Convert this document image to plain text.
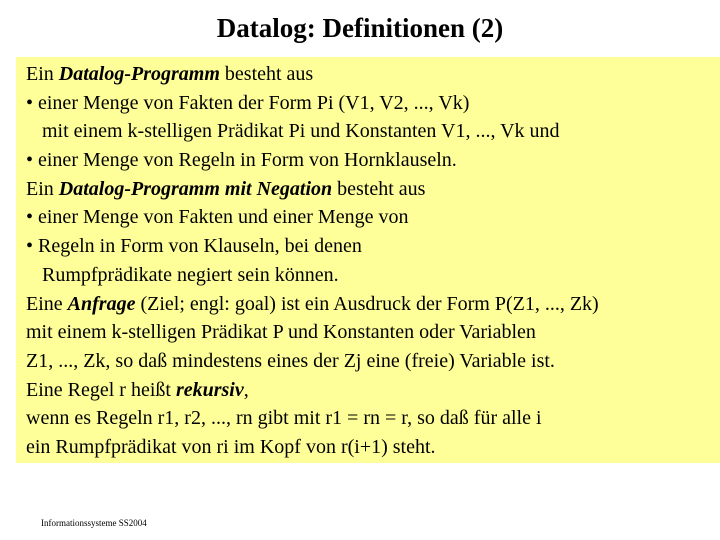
Datalog: Definitionen (2)
Ein Datalog-Programm besteht aus
• einer Menge von Fakten der Form Pi (V1, V2, ..., Vk)
mit einem k-stelligen Prädikat Pi und Konstanten V1, ..., Vk und
• einer Menge von Regeln in Form von Hornklauseln.
Ein Datalog-Programm mit Negation besteht aus
• einer Menge von Fakten und einer Menge von
• Regeln in Form von Klauseln, bei denen
Rumpfprädikate negiert sein können.
Eine Anfrage (Ziel; engl: goal) ist ein Ausdruck der Form P(Z1, ..., Zk)
mit einem k-stelligen Prädikat P und Konstanten oder Variablen
Z1, ..., Zk, so daß mindestens eines der Zj eine (freie) Variable ist.
Eine Regel r heißt rekursiv,
wenn es Regeln r1, r2, ..., rn gibt mit r1 = rn = r, so daß für alle i
ein Rumpfprädikat von ri im Kopf von r(i+1) steht.
Informationssysteme SS2004
